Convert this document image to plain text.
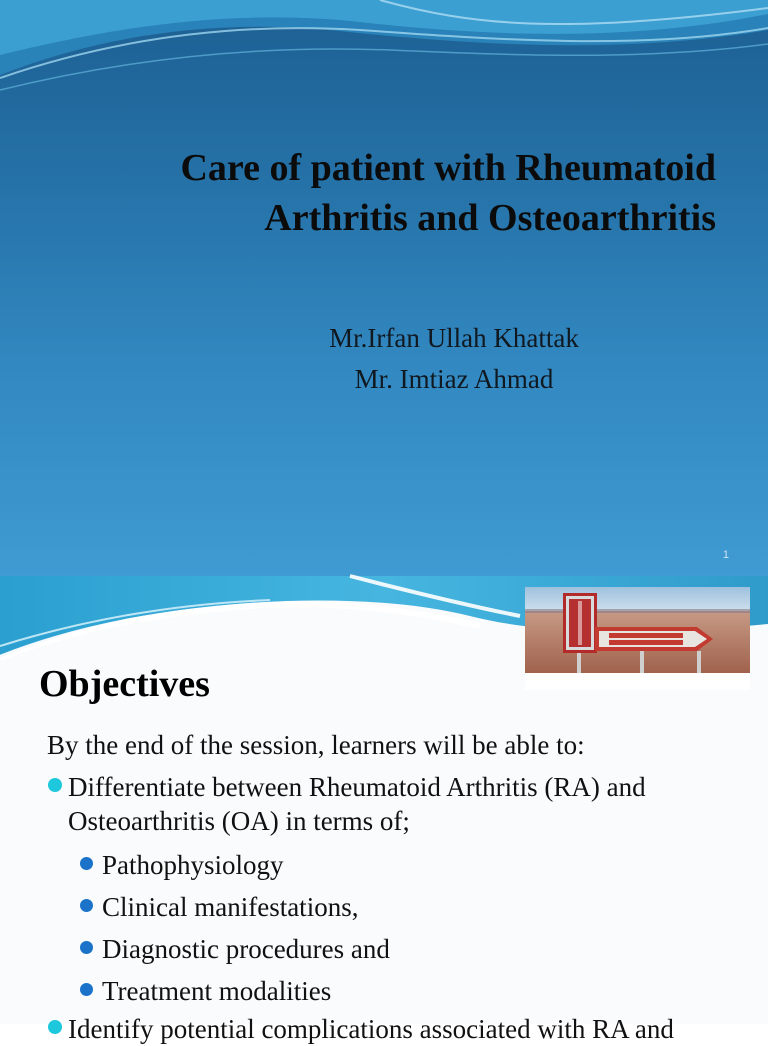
Care of patient with Rheumatoid
Arthritis and Osteoarthritis
Mr.Irfan Ullah Khattak
Mr. Imtiaz Ahmad
1
Objectives
By the end of the session, learners will be able to:
Differentiate between Rheumatoid Arthritis (RA) and Osteoarthritis (OA) in terms of;
Pathophysiology
Clinical manifestations,
Diagnostic procedures and
Treatment modalities
Identify potential complications associated with RA and
